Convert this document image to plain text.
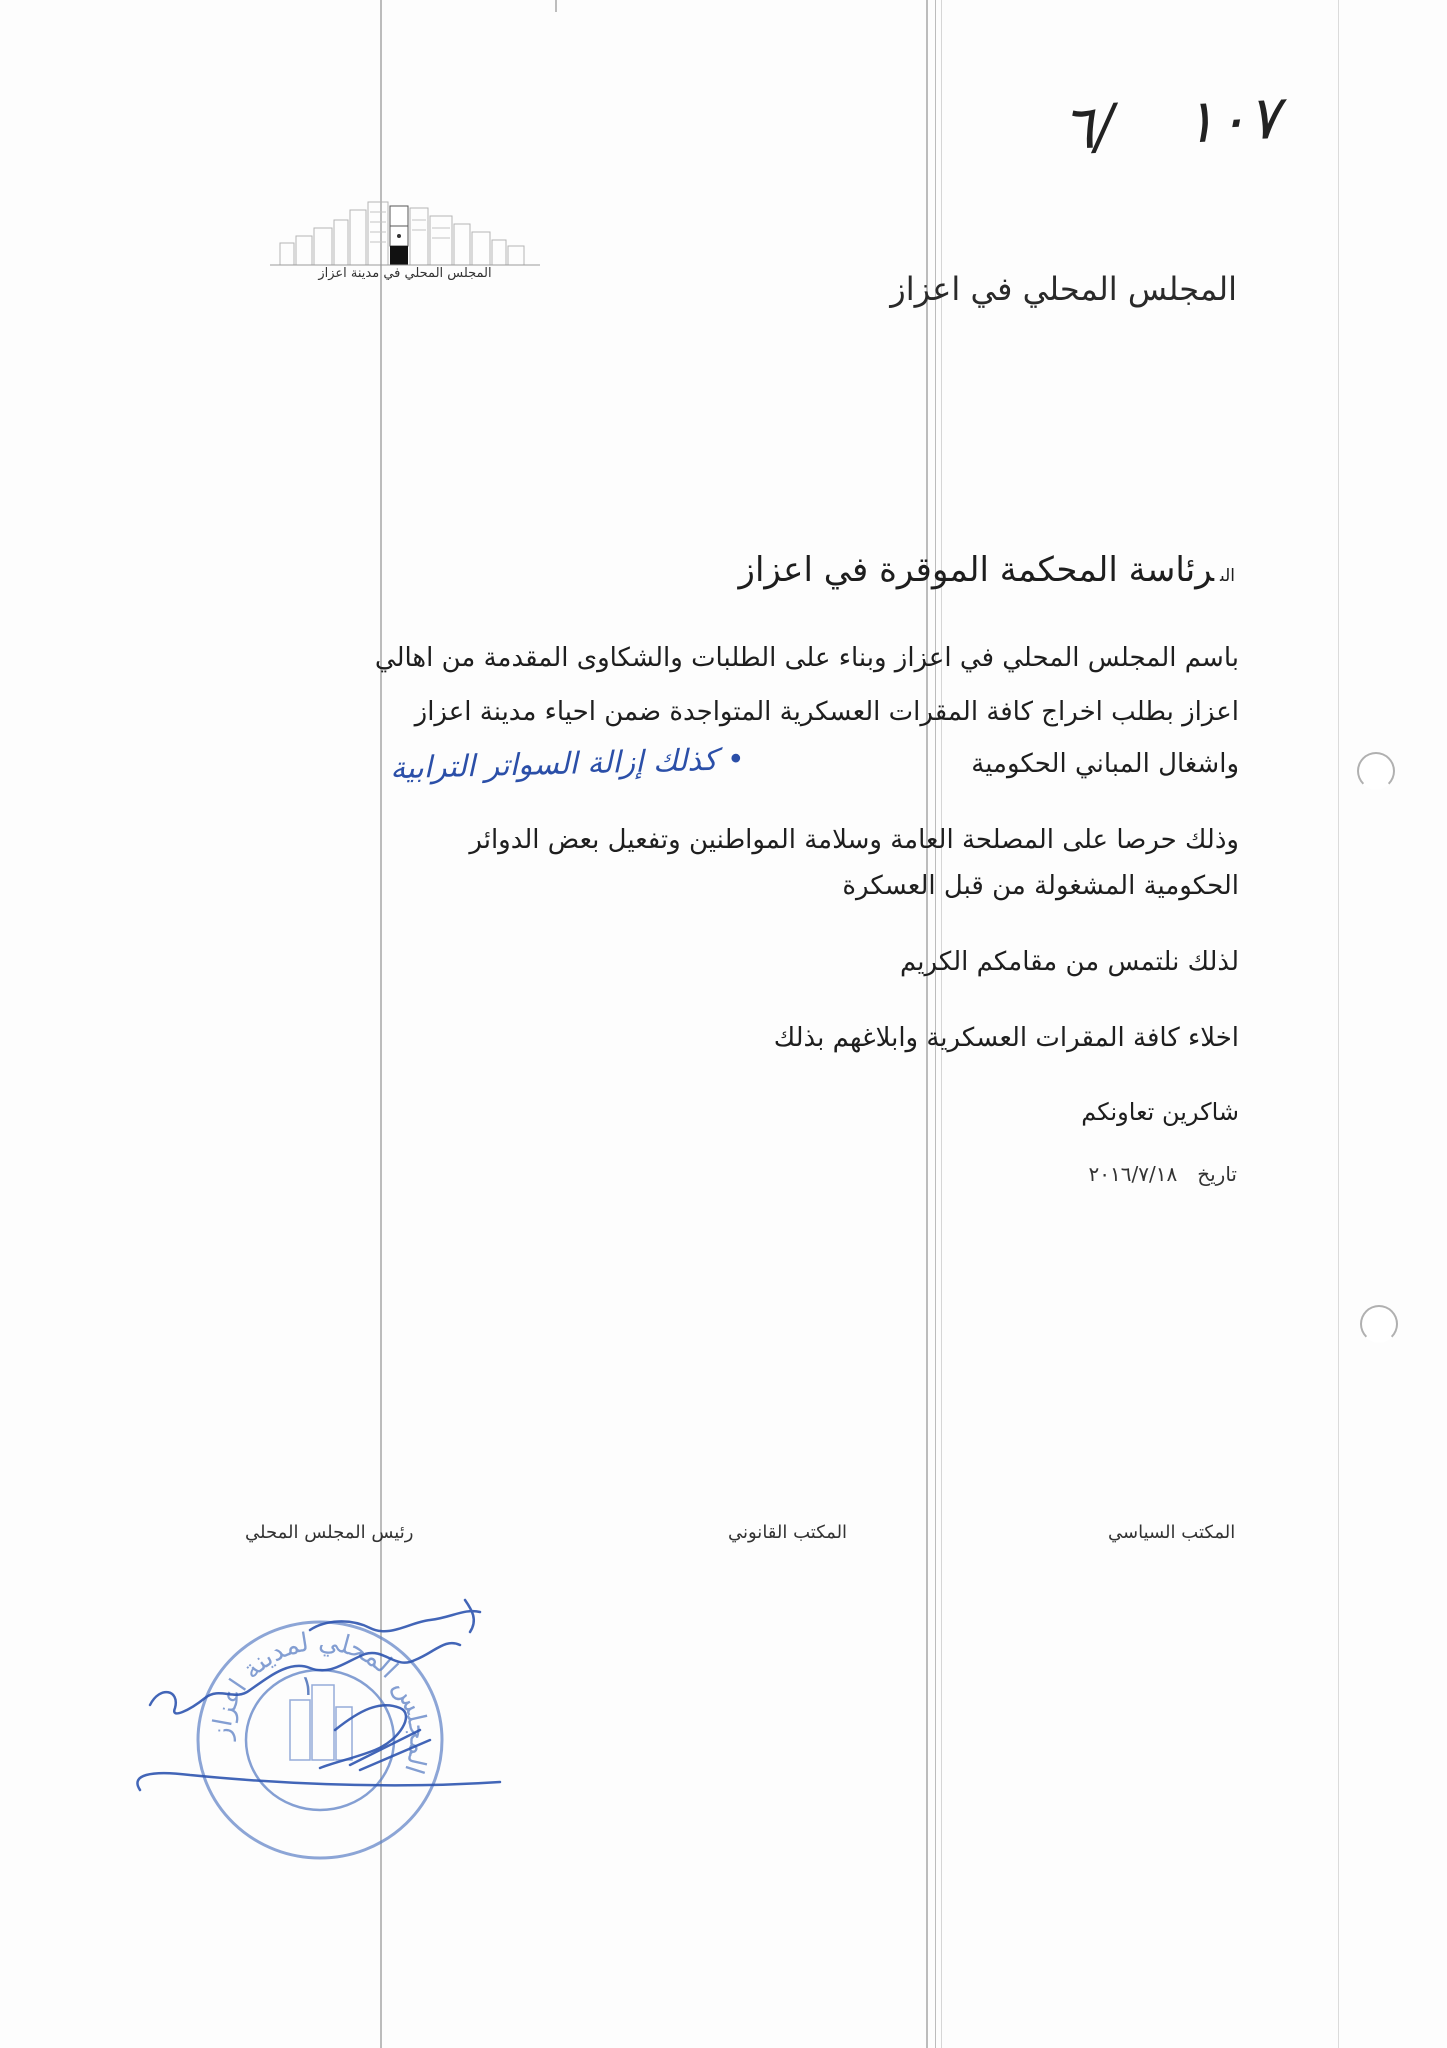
٦/ ١٠٧
المجلس المحلي في مدينة اعزاز	المجلس المحلي في اعزاز
الىرئاسة المحكمة الموقرة في اعزاز
باسم المجلس المحلي في اعزاز وبناء على الطلبات والشكاوى المقدمة من اهالي
اعزاز بطلب اخراج كافة المقرات العسكرية المتواجدة ضمن احياء مدينة اعزاز
واشغال المباني الحكومية
• كذلك إزالة السواتر الترابية
وذلك حرصا على المصلحة العامة وسلامة المواطنين وتفعيل بعض الدوائر
الحكومية المشغولة من قبل العسكرة
لذلك نلتمس من مقامكم الكريم
اخلاء كافة المقرات العسكرية وابلاغهم بذلك
شاكرين تعاونكم
تاريخ٢٠١٦/٧/١٨
المكتب السياسي
المكتب القانوني
رئيس المجلس المحلي
المجلس المحلي لمدينة اعزاز
١
